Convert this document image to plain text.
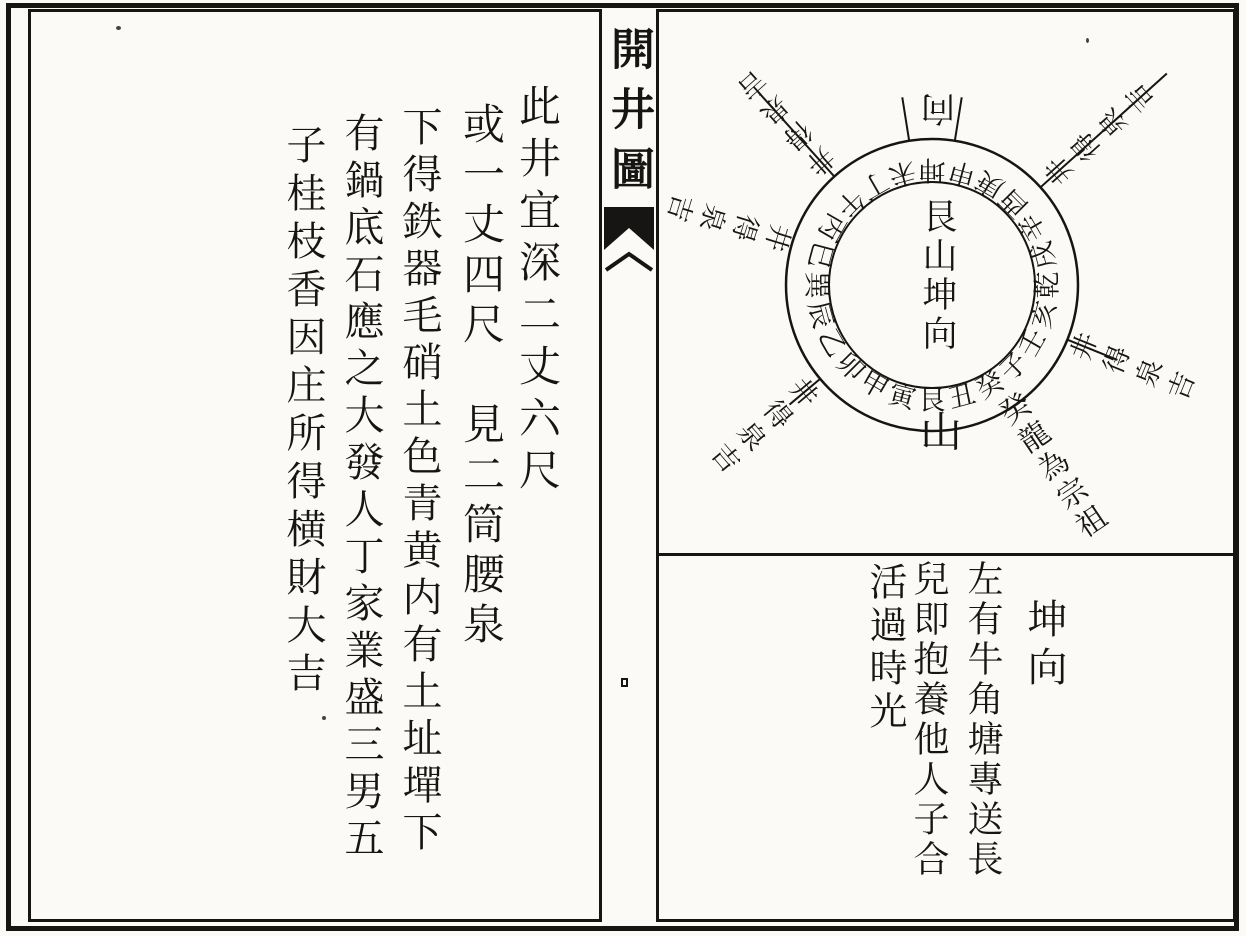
開井圖
此井宜深二丈六尺
或一丈四尺　見二筒腰泉
下得鉄器毛硝土色青黄内有土址墠下
有鍋底石應之大發人丁家業盛三男五
子桂枝香因庄所得横財大吉	坤 申
庚
酉
辛
戌
乾
亥
壬
子
癸
丑
艮
寅
甲
卯
乙
辰
巽
巳
丙
午
丁
未
艮
山
坤
向
山
向
井
得
泉
吉
井
得
泉
吉
井
得
泉
吉
井
得
泉
吉
井
得
泉
吉
癸
龍
為
宗
祖
坤向
左有牛角塘專送長
兒即抱養他人子合
活過時光
